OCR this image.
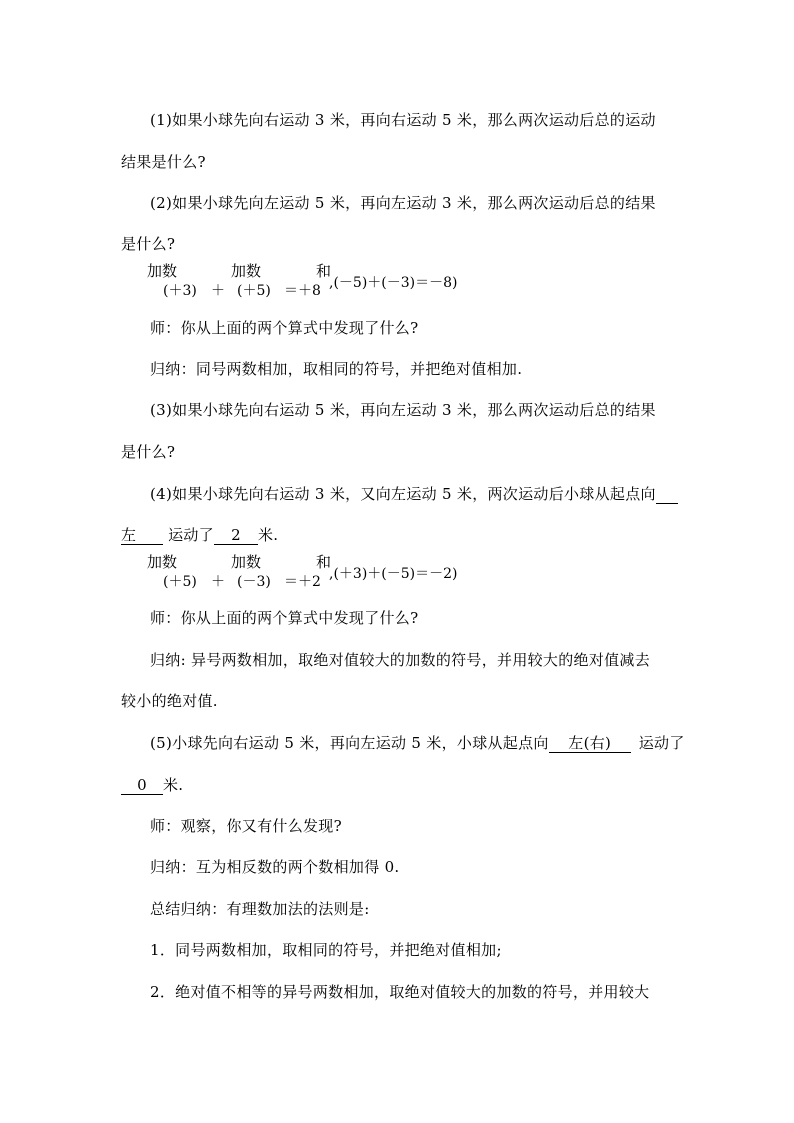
(1)如果小球先向右运动 3 米，再向右运动 5 米，那么两次运动后总的运动
结果是什么?
(2)如果小球先向左运动 5 米，再向左运动 3 米，那么两次运动后总的结果
是什么?
加数	加数	和
(＋3) ＋ (＋5) ＝＋8 ,(－5)＋(－3)＝－8)
师：你从上面的两个算式中发现了什么?
归纳：同号两数相加，取相同的符号，并把绝对值相加.
(3)如果小球先向右运动 5 米，再向左运动 3 米，那么两次运动后总的结果
是什么?
(4)如果小球先向右运动 3 米，又向左运动 5 米，两次运动后小球从起点向
左 运动了 2 米.
加数	加数	和
(＋5) ＋ (－3) ＝＋2 ,(＋3)＋(－5)＝－2)
师：你从上面的两个算式中发现了什么?
归纳: 异号两数相加，取绝对值较大的加数的符号，并用较大的绝对值减去
较小的绝对值.
(5)小球先向右运动 5 米，再向左运动 5 米，小球从起点向 左(右) 运动了
0 米.
师：观察，你又有什么发现?
归纳：互为相反数的两个数相加得 0.
总结归纳：有理数加法的法则是:
1．同号两数相加，取相同的符号，并把绝对值相加;
2．绝对值不相等的异号两数相加，取绝对值较大的加数的符号，并用较大
